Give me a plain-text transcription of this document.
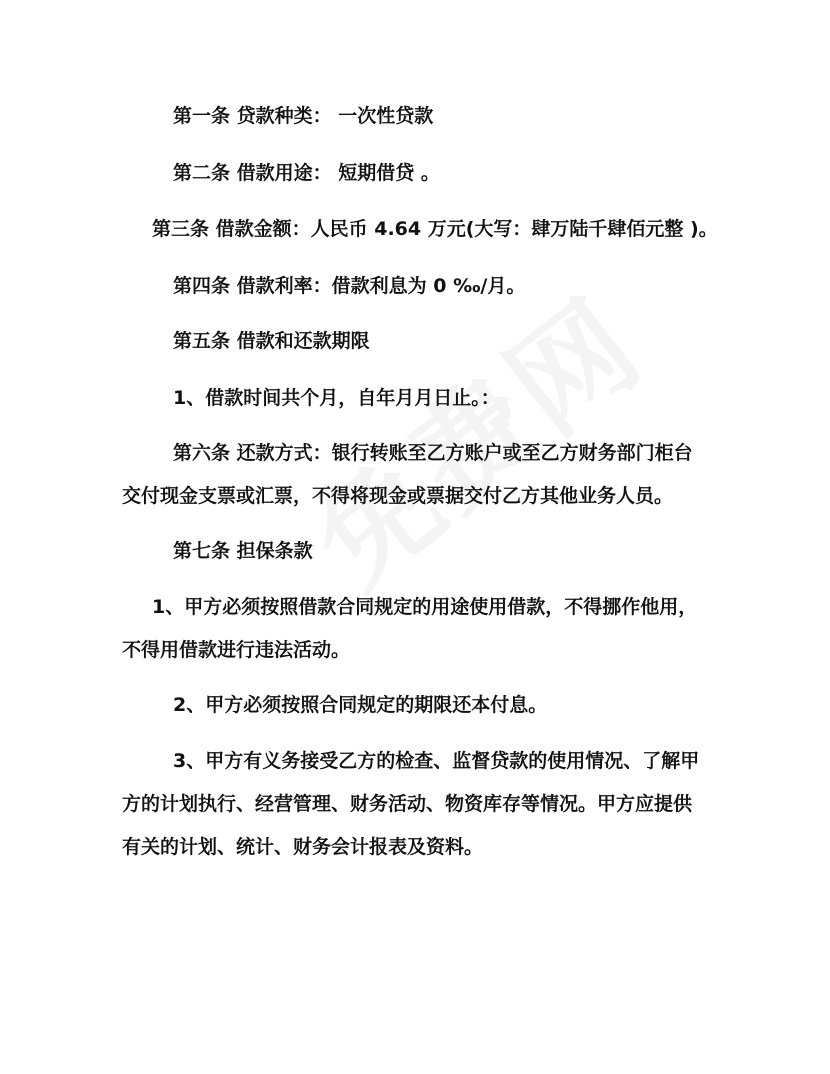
第一条 贷款种类： 一次性贷款
第二条 借款用途： 短期借贷 。
第三条 借款金额：人民币 4.64 万元(大写：肆万陆千肆佰元整 )。
第四条 借款利率：借款利息为 0 ‰/月。
第五条 借款和还款期限
1、借款时间共个月，自年月月日止。：
第六条 还款方式：银行转账至乙方账户或至乙方财务部门柜台
交付现金支票或汇票，不得将现金或票据交付乙方其他业务人员。
第七条 担保条款
1、甲方必须按照借款合同规定的用途使用借款，不得挪作他用，
不得用借款进行违法活动。
2、甲方必须按照合同规定的期限还本付息。
3、甲方有义务接受乙方的检查、监督贷款的使用情况、了解甲
方的计划执行、经营管理、财务活动、物资库存等情况。甲方应提供
有关的计划、统计、财务会计报表及资料。
